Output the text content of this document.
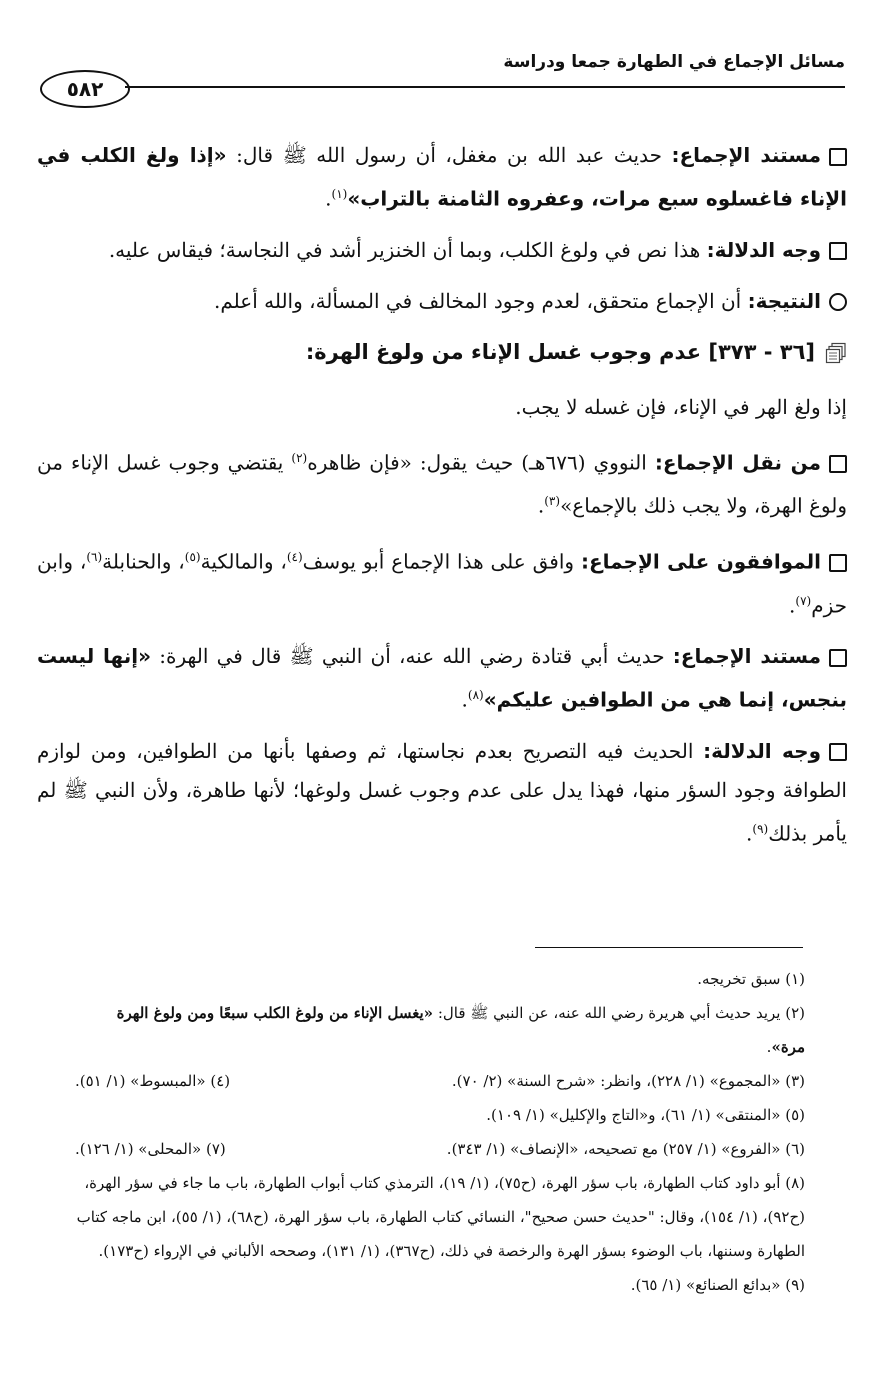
مسائل الإجماع في الطهارة جمعا ودراسة
٥٨٢

مستند الإجماع: حديث عبد الله بن مغفل، أن رسول الله ﷺ قال: «إذا ولغ الكلب في الإناء فاغسلوه سبع مرات، وعفروه الثامنة بالتراب»$^{(١)}$.

وجه الدلالة: هذا نص في ولوغ الكلب، وبما أن الخنزير أشد في النجاسة؛ فيقاس عليه.

النتيجة: أن الإجماع متحقق، لعدم وجود المخالف في المسألة، والله أعلم.

[٣٦ - ٣٧٣] عدم وجوب غسل الإناء من ولوغ الهرة:

إذا ولغ الهر في الإناء، فإن غسله لا يجب.

من نقل الإجماع: النووي (٦٧٦هـ) حيث يقول: «فإن ظاهره$^{(٢)}$ يقتضي وجوب غسل الإناء من ولوغ الهرة، ولا يجب ذلك بالإجماع»$^{(٣)}$.

الموافقون على الإجماع: وافق على هذا الإجماع أبو يوسف$^{(٤)}$، والمالكية$^{(٥)}$، والحنابلة$^{(٦)}$، وابن حزم$^{(٧)}$.

مستند الإجماع: حديث أبي قتادة رضي الله عنه، أن النبي ﷺ قال في الهرة: «إنها ليست بنجس، إنما هي من الطوافين عليكم»$^{(٨)}$.

وجه الدلالة: الحديث فيه التصريح بعدم نجاستها، ثم وصفها بأنها من الطوافين، ومن لوازم الطوافة وجود السؤر منها، فهذا يدل على عدم وجوب غسل ولوغها؛ لأنها طاهرة، ولأن النبي ﷺ لم يأمر بذلك$^{(٩)}$.

(١) سبق تخريجه.

(٢) يريد حديث أبي هريرة رضي الله عنه، عن النبي ﷺ قال: «يغسل الإناء من ولوغ الكلب سبعًا ومن ولوغ الهرة مرة».

(٣) «المجموع» (١/ ٢٢٨)، وانظر: «شرح السنة» (٢/ ٧٠).
(٤) «المبسوط» (١/ ٥١).

(٥) «المنتقى» (١/ ٦١)، و«التاج والإكليل» (١/ ١٠٩).

(٦) «الفروع» (١/ ٢٥٧) مع تصحيحه، «الإنصاف» (١/ ٣٤٣).
(٧) «المحلى» (١/ ١٢٦).

(٨) أبو داود كتاب الطهارة، باب سؤر الهرة، (ح٧٥)، (١/ ١٩)، الترمذي كتاب أبواب الطهارة، باب ما جاء في سؤر الهرة، (ح٩٢)، (١/ ١٥٤)، وقال: "حديث حسن صحيح"، النسائي كتاب الطهارة، باب سؤر الهرة، (ح٦٨)، (١/ ٥٥)، ابن ماجه كتاب الطهارة وسننها، باب الوضوء بسؤر الهرة والرخصة في ذلك، (ح٣٦٧)، (١/ ١٣١)، وصححه الألباني في الإرواء (ح١٧٣).

(٩) «بدائع الصنائع» (١/ ٦٥).
